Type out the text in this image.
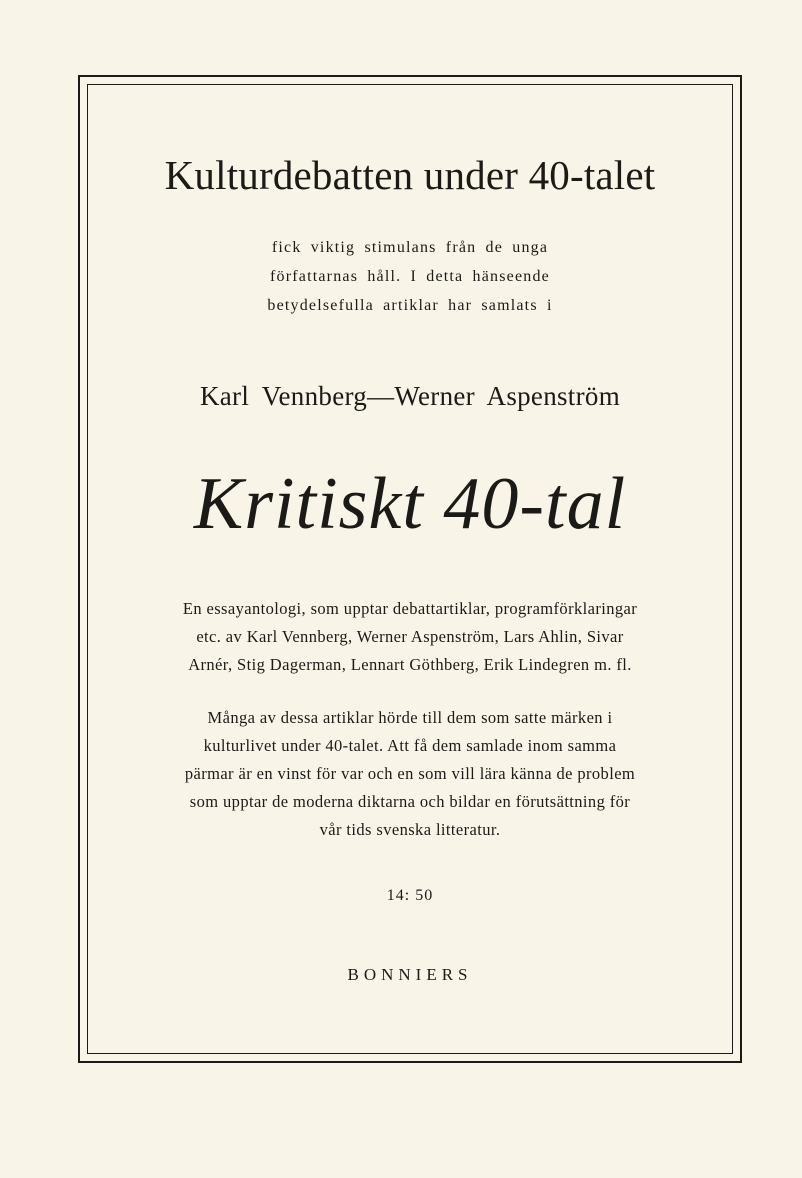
Kulturdebatten under 40-talet
fick viktig stimulans från de unga
författarnas håll. I detta hänseende
betydelsefulla artiklar har samlats i
Karl Vennberg—Werner Aspenström
Kritiskt 40-tal
En essayantologi, som upptar debattartiklar, programförklaringar
etc. av Karl Vennberg, Werner Aspenström, Lars Ahlin, Sivar
Arnér, Stig Dagerman, Lennart Göthberg, Erik Lindegren m. fl.
Många av dessa artiklar hörde till dem som satte märken i
kulturlivet under 40-talet. Att få dem samlade inom samma
pärmar är en vinst för var och en som vill lära känna de problem
som upptar de moderna diktarna och bildar en förutsättning för
vår tids svenska litteratur.
14: 50
BONNIERS
